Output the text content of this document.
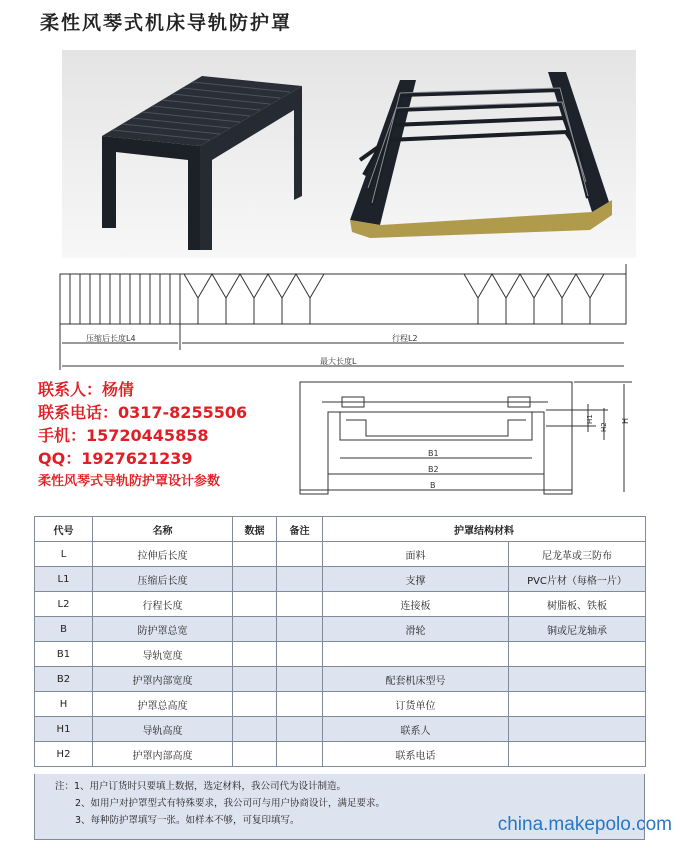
柔性风琴式机床导轨防护罩
压缩后长度L4	行程L2
最大长度L
B1
B2
B
H1
H2
H
联系人：杨倩
联系电话：0317-8255506
手机：15720445858
QQ：1927621239
柔性风琴式导轨防护罩设计参数
代号	名称	数据	备注	护罩结构材料	
L	拉伸后长度			面料	尼龙革或三防布
L1	压缩后长度			支撑	PVC片材（每格一片）
L2	行程长度			连接板	树脂板、铁板
B	防护罩总宽			滑轮	铜或尼龙轴承
B1	导轨宽度				
B2	护罩内部宽度			配套机床型号	
H	护罩总高度			订货单位	
H1	导轨高度			联系人	
H2	护罩内部高度			联系电话	
注：1、用户订货时只要填上数据，选定材料，我公司代为设计制造。
2、如用户对护罩型式有特殊要求，我公司可与用户协商设计，满足要求。
3、每种防护罩填写一张。如样本不够，可复印填写。	china.makepolo.com
